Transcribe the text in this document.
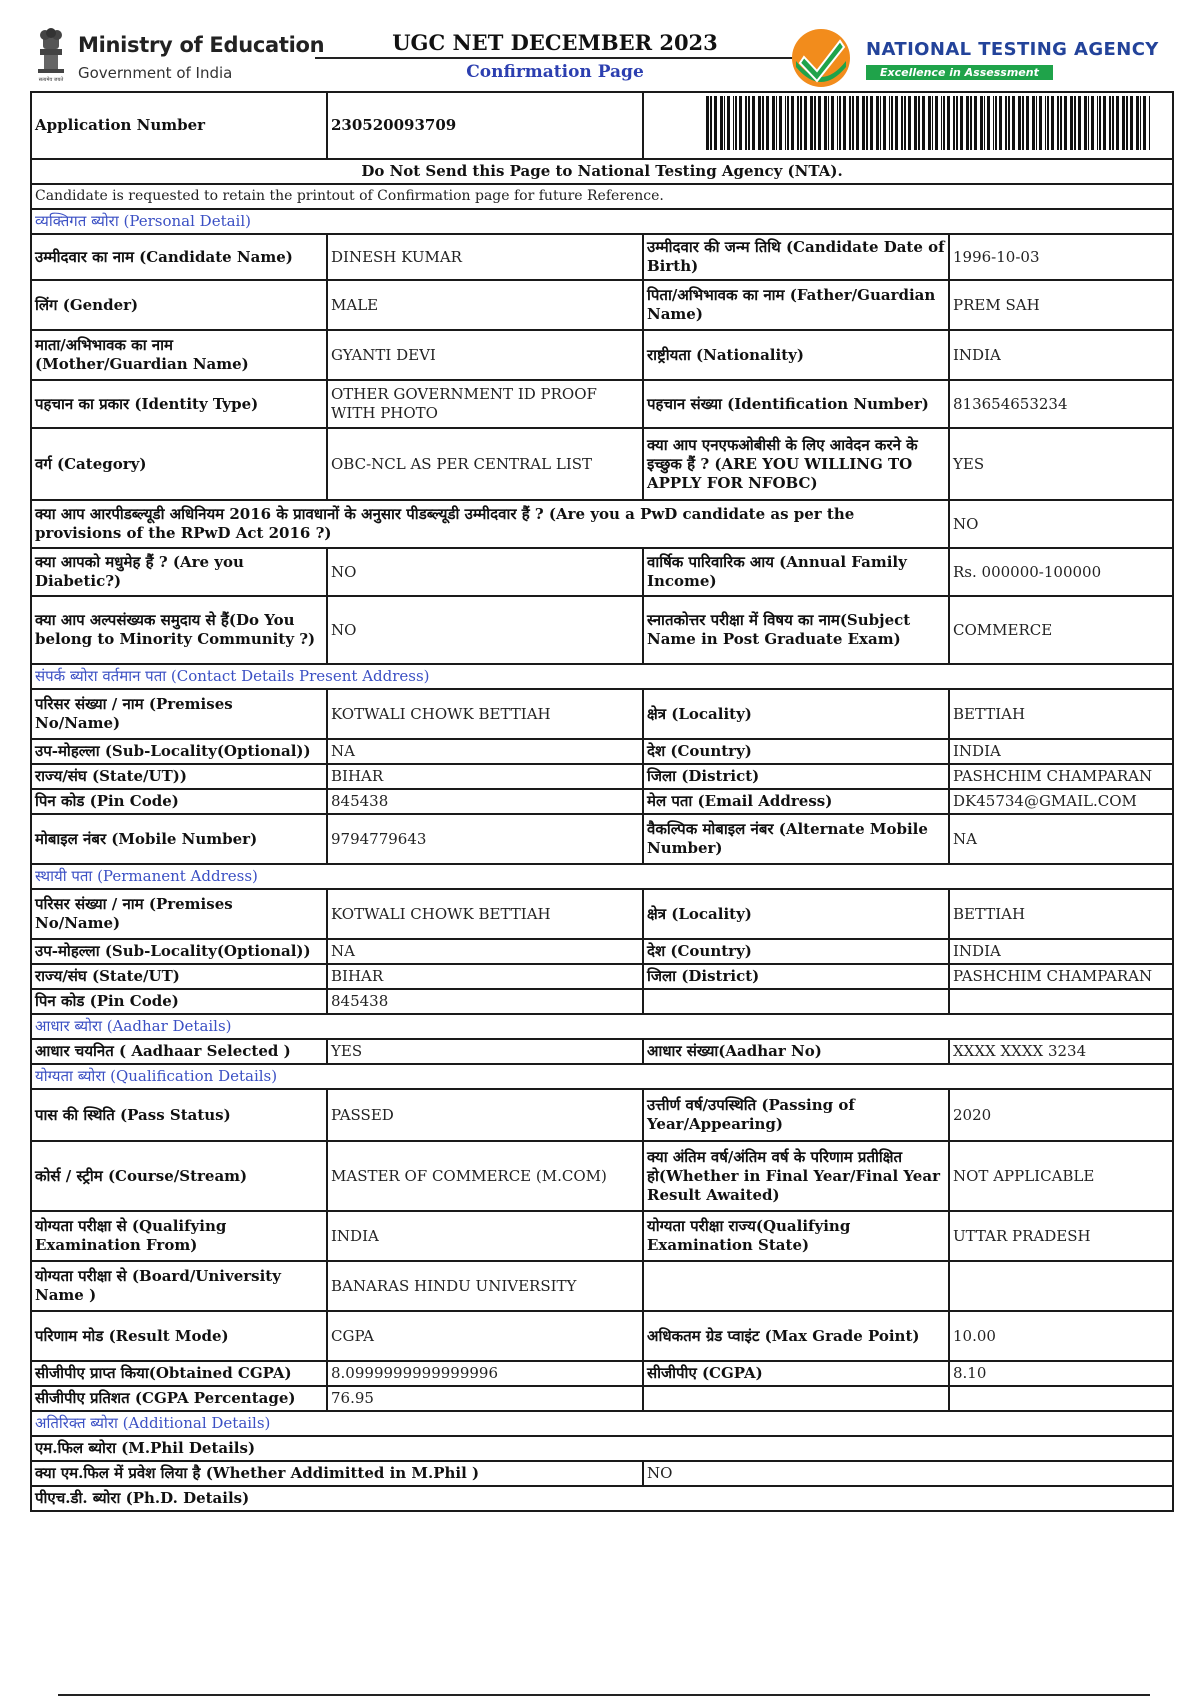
सत्यमेव जयते
Ministry of Education
Government of India
UGC NET DECEMBER 2023
Confirmation Page
NATIONAL TESTING AGENCY
Excellence in Assessment
Application Number	230520093709	
Do Not Send this Page to National Testing Agency (NTA).			
Candidate is requested to retain the printout of Confirmation page for future Reference.			
व्यक्तिगत ब्योरा (Personal Detail)			
उम्मीदवार का नाम (Candidate Name)	DINESH KUMAR	उम्मीदवार की जन्म तिथि (Candidate Date of Birth)	1996-10-03
लिंग (Gender)	MALE	पिता/अभिभावक का नाम (Father/Guardian Name)	PREM SAH
माता/अभिभावक का नाम (Mother/Guardian Name)	GYANTI DEVI	राष्ट्रीयता (Nationality)	INDIA
पहचान का प्रकार (Identity Type)	OTHER GOVERNMENT ID PROOF WITH PHOTO	पहचान संख्या (Identification Number)	813654653234
वर्ग (Category)	OBC-NCL AS PER CENTRAL LIST	क्या आप एनएफओबीसी के लिए आवेदन करने के इच्छुक हैं ? (ARE YOU WILLING TO APPLY FOR NFOBC)	YES
क्या आप आरपीडब्ल्यूडी अधिनियम 2016 के प्रावधानों के अनुसार पीडब्ल्यूडी उम्मीदवार हैं ? (Are you a PwD candidate as per the provisions of the RPwD Act 2016 ?)			NO
क्या आपको मधुमेह हैं ? (Are you Diabetic?)	NO	वार्षिक पारिवारिक आय (Annual Family Income)	Rs. 000000-100000
क्या आप अल्पसंख्यक समुदाय से हैं(Do You belong to Minority Community ?)	NO	स्नातकोत्तर परीक्षा में विषय का नाम(Subject Name in Post Graduate Exam)	COMMERCE
संपर्क ब्योरा वर्तमान पता (Contact Details Present Address)			
परिसर संख्या / नाम (Premises No/Name)	KOTWALI CHOWK BETTIAH	क्षेत्र (Locality)	BETTIAH
उप-मोहल्ला (Sub-Locality(Optional))	NA	देश (Country)	INDIA
राज्य/संघ (State/UT))	BIHAR	जिला (District)	PASHCHIM CHAMPARAN
पिन कोड (Pin Code)	845438	मेल पता (Email Address)	DK45734@GMAIL.COM
मोबाइल नंबर (Mobile Number)	9794779643	वैकल्पिक मोबाइल नंबर (Alternate Mobile Number)	NA
स्थायी पता (Permanent Address)			
परिसर संख्या / नाम (Premises No/Name)	KOTWALI CHOWK BETTIAH	क्षेत्र (Locality)	BETTIAH
उप-मोहल्ला (Sub-Locality(Optional))	NA	देश (Country)	INDIA
राज्य/संघ (State/UT)	BIHAR	जिला (District)	PASHCHIM CHAMPARAN
पिन कोड (Pin Code)	845438		
आधार ब्योरा (Aadhar Details)			
आधार चयनित ( Aadhaar Selected )	YES	आधार संख्या(Aadhar No)	XXXX XXXX 3234
योग्यता ब्योरा (Qualification Details)			
पास की स्थिति (Pass Status)	PASSED	उत्तीर्ण वर्ष/उपस्थिति (Passing of Year/Appearing)	2020
कोर्स / स्ट्रीम (Course/Stream)	MASTER OF COMMERCE (M.COM)	क्या अंतिम वर्ष/अंतिम वर्ष के परिणाम प्रतीक्षित हो(Whether in Final Year/Final Year Result Awaited)	NOT APPLICABLE
योग्यता परीक्षा से (Qualifying Examination From)	INDIA	योग्यता परीक्षा राज्य(Qualifying Examination State)	UTTAR PRADESH
योग्यता परीक्षा से (Board/University Name )	BANARAS HINDU UNIVERSITY		
परिणाम मोड (Result Mode)	CGPA	अधिकतम ग्रेड प्वाइंट (Max Grade Point)	10.00
सीजीपीए प्राप्त किया(Obtained CGPA)	8.0999999999999996	सीजीपीए (CGPA)	8.10
सीजीपीए प्रतिशत (CGPA Percentage)	76.95		
अतिरिक्त ब्योरा (Additional Details)			
एम.फिल ब्योरा (M.Phil Details)			
क्या एम.फिल में प्रवेश लिया है (Whether Addimitted in M.Phil )		NO	
पीएच.डी. ब्योरा (Ph.D. Details)			
